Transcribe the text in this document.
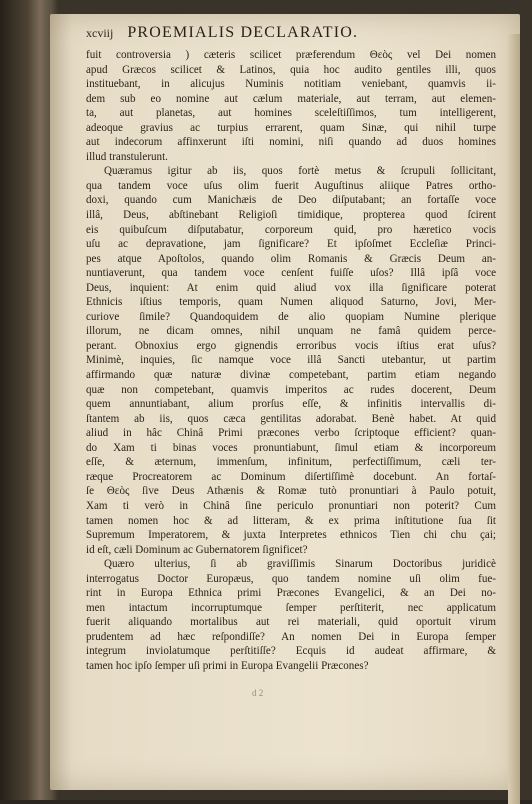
xcviij PROEMIALIS DECLARATIO.
fuit controversia ) cæteris scilicet præferendum Θεὸς vel Dei nomen
apud Græcos scilicet & Latinos, quia hoc audito gentiles illi, quos
instituebant, in alicujus Numinis notitiam veniebant, quamvis ii-
dem sub eo nomine aut cælum materiale, aut terram, aut elemen-
ta, aut planetas, aut homines sceleſtiſſimos, tum intelligerent,
adeoque gravius ac turpius errarent, quam Sinæ, qui nihil turpe
aut indecorum affinxerunt iſti nomini, niſi quando ad duos homines
illud transtulerunt.
Quæramus igitur ab iis, quos fortè metus & ſcrupuli ſollicitant,
qua tandem voce uſus olim fuerit Auguſtinus aliique Patres ortho-
doxi, quando cum Manichæis de Deo diſputabant; an fortaſſe voce
illâ, Deus, abſtinebant Religioſi timidique, propterea quod ſcirent
eis quibuſcum diſputabatur, corporeum quid, pro hæretico vocis
uſu ac depravatione, jam ſignificare? Et ipſoſmet Eccleſiæ Princi-
pes atque Apoſtolos, quando olim Romanis & Græcis Deum an-
nuntiaverunt, qua tandem voce cenſent fuiſſe uſos? Illâ ipſâ voce
Deus, inquient: At enim quid aliud vox illa ſignificare poterat
Ethnicis iſtius temporis, quam Numen aliquod Saturno, Jovi, Mer-
curiove ſimile? Quandoquidem de alio quopiam Numine plerique
illorum, ne dicam omnes, nihil unquam ne famâ quidem perce-
perant. Obnoxius ergo gignendis erroribus vocis iſtius erat uſus?
Minimè, inquies, ſic namque voce illâ Sancti utebantur, ut partim
affirmando quæ naturæ divinæ competebant, partim etiam negando
quæ non competebant, quamvis imperitos ac rudes docerent, Deum
quem annuntiabant, alium prorſus eſſe, & infinitis intervallis di-
ſtantem ab iis, quos cæca gentilitas adorabat. Benè habet. At quid
aliud in hâc Chinâ Primi præcones verbo ſcriptoque efficient? quan-
do Xam ti binas voces pronuntiabunt, ſimul etiam & incorporeum
eſſe, & æternum, immenſum, infinitum, perfectiſſimum, cæli ter-
ræque Procreatorem ac Dominum diſertiſſimè docebunt. An fortaſ-
ſe Θεὸς ſive Deus Athænis & Romæ tutò pronuntiari à Paulo potuit,
Xam ti verò in Chinâ ſine periculo pronuntiari non poterit? Cum
tamen nomen hoc & ad litteram, & ex prima inſtitutione ſua ſit
Supremum Imperatorem, & juxta Interpretes ethnicos Tien chi chu çai;
id eſt, cæli Dominum ac Gubernatorem ſignificet?
Quæro ulterius, ſi ab graviſſimis Sinarum Doctoribus juridicè
interrogatus Doctor Europæus, quo tandem nomine uſi olim fue-
rint in Europa Ethnica primi Præcones Evangelici, & an Dei no-
men intactum incorruptumque ſemper perſtiterit, nec applicatum
fuerit aliquando mortalibus aut rei materiali, quid oportuit virum
prudentem ad hæc reſpondiſſe? An nomen Dei in Europa ſemper
integrum inviolatumque perſtitiſſe? Ecquis id audeat affirmare, &
tamen hoc ipſo ſemper uſi primi in Europa Evangelii Præcones?
d 2
